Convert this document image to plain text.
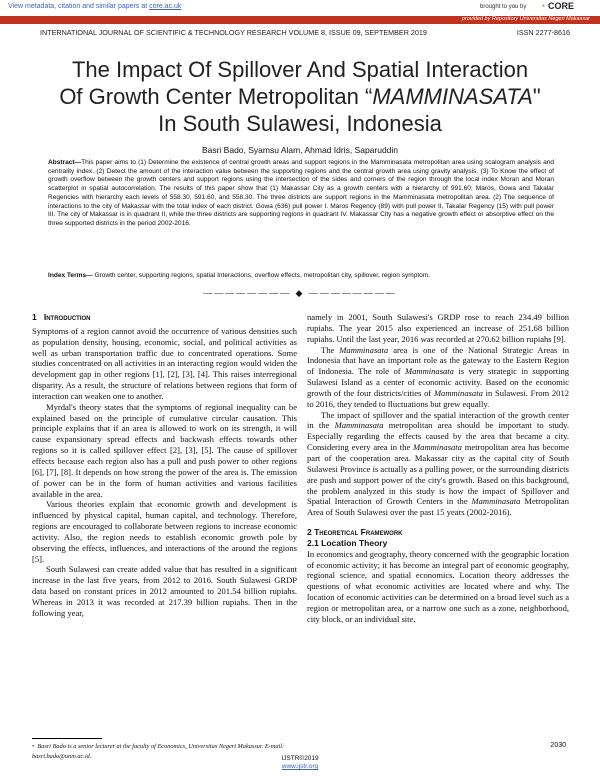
View metadata, citation and similar papers at core.ac.uk	brought to you by ◔ CORE
provided by Repository Universitas Negeri Makassar
INTERNATIONAL JOURNAL OF SCIENTIFIC & TECHNOLOGY RESEARCH VOLUME 8, ISSUE 09, SEPTEMBER 2019	ISSN 2277-8616
The Impact Of Spillover And Spatial Interaction
Of Growth Center Metropolitan “MAMMINASATA"
In South Sulawesi, Indonesia
Basri Bado, Syamsu Alam, Ahmad Idris, Saparuddin
Abstract—This paper aims to (1) Determine the existence of central growth areas and support regions in the Mamminasata metropolitan area using scalogram analysis and centrality index. (2) Detect the amount of the interaction value between the supporting regions and the central growth area using gravity analysis. (3) To Know the effect of growth overflow between the growth centers and support regions using the intersection of the sides and corners of the region through the local index Moran and Moran scatterplot in spatial autocorrelation. The results of this paper show that (1) Makassar City as a growth centers with a hierarchy of 991.60; Maros, Gowa and Takalar Regencies with hierarchy each levels of 558.30, 591.60, and 558.30. The three districts are support regions in the Mamminasata metropolitan area. (2) The sequence of interactions to the city of Makassar with the total index of each district. Gowa (636) pull power I. Maros Regency (89) with pull power II, Takalar Regency (15) with pull power III. The city of Makassar is in quadrant II, while the three districts are supporting regions in quadrant IV. Makassar City has a negative growth effect or absorptive effect on the three supported districts in the period 2002-2016.
Index Terms— Growth center, supporting regions, spatial Interactions, overflow effects, metropolitan city, spillover, region symptom.
———————— ◆ ————————
1 Introduction

Symptoms of a region cannot avoid the occurrence of various densities such as population density, housing, economic, social, and political activities as well as urban transportation traffic due to concentrated operations. Some studies concentrated on all activities in an interacting region would widen the development gap in other regions [1], [2], [3], [4]. This raises interregional disparity. As a result, the structure of relations between regions that form of interaction can weaken one to another.

Myrdal's theory states that the symptoms of regional inequality can be explained based on the principle of cumulative circular causation. This principle explains that if an area is allowed to work on its strength, it will cause expansionary spread effects and backwash effects towards other regions so it is called spillover effect [2], [3], [5]. The cause of spillover effects because each region also has a pull and push power to other regions [6], [7], [8]. It depends on how strong the power of the area is. The emission of power can be in the form of human activities and various facilities available in the area.

Various theories explain that economic growth and development is influenced by physical capital, human capital, and technology. Therefore, regions are encouraged to collaborate between regions to increase economic activity. Also, the region needs to establish economic growth pole by observing the effects, influences, and interactions of the around the regions [5].

South Sulawesi can create added value that has resulted in a significant increase in the last five years, from 2012 to 2016. South Sulawesi GRDP data based on constant prices in 2012 amounted to 201.54 billion rupiahs. Whereas in 2013 it was recorded at 217.39 billion rupiahs. Then in the following year,

namely in 2001, South Sulawesi's GRDP rose to reach 234.49 billion rupiahs. The year 2015 also experienced an increase of 251.68 billion rupiahs. Until the last year, 2016 was recorded at 270.62 billion rupiahs [9].

The Mamminasata area is one of the National Strategic Areas in Indonesia that have an important role as the gateway to the Eastern Region of Indonesia. The role of Mamminasata is very strategic in supporting Sulawesi Island as a center of economic activity. Based on the economic growth of the four districts/cities of Mamminasata in Sulawesi. From 2012 to 2016, they tended to fluctuations but grew equally.

The impact of spillover and the spatial interaction of the growth center in the Mamminasata metropolitan area should be important to study. Especially regarding the effects caused by the area that became a city. Considering every area in the Mamminasata metropolitan area has become part of the cooperation area. Makassar city as the capital city of South Sulawesi Province is actually as a pulling power, or the surrounding districts are push and support power of the city's growth. Based on this background, the problem analyzed in this study is how the impact of Spillover and Spatial Interaction of Growth Centers in the Mamminasata Metropolitan Area of South Sulawesi over the past 15 years (2002-2016).

2 Theoretical Framework
2.1 Location Theory

In economics and geography, theory concerned with the geographic location of economic activity; it has become an integral part of economic geography, regional science, and spatial economics. Location theory addresses the questions of what economic activities are located where and why. The location of economic activities can be determined on a broad level such as a region or metropolitan area, or a narrow one such as a zone, neighborhood, city block, or an individual site.

•  Basri Bado is a senior lecturer at the faculty of Economics, Universitas Negeri Makassar. E-mail: basri.bado@unm.ac.id.
2030
IJSTR©2019
www.ijstr.org
